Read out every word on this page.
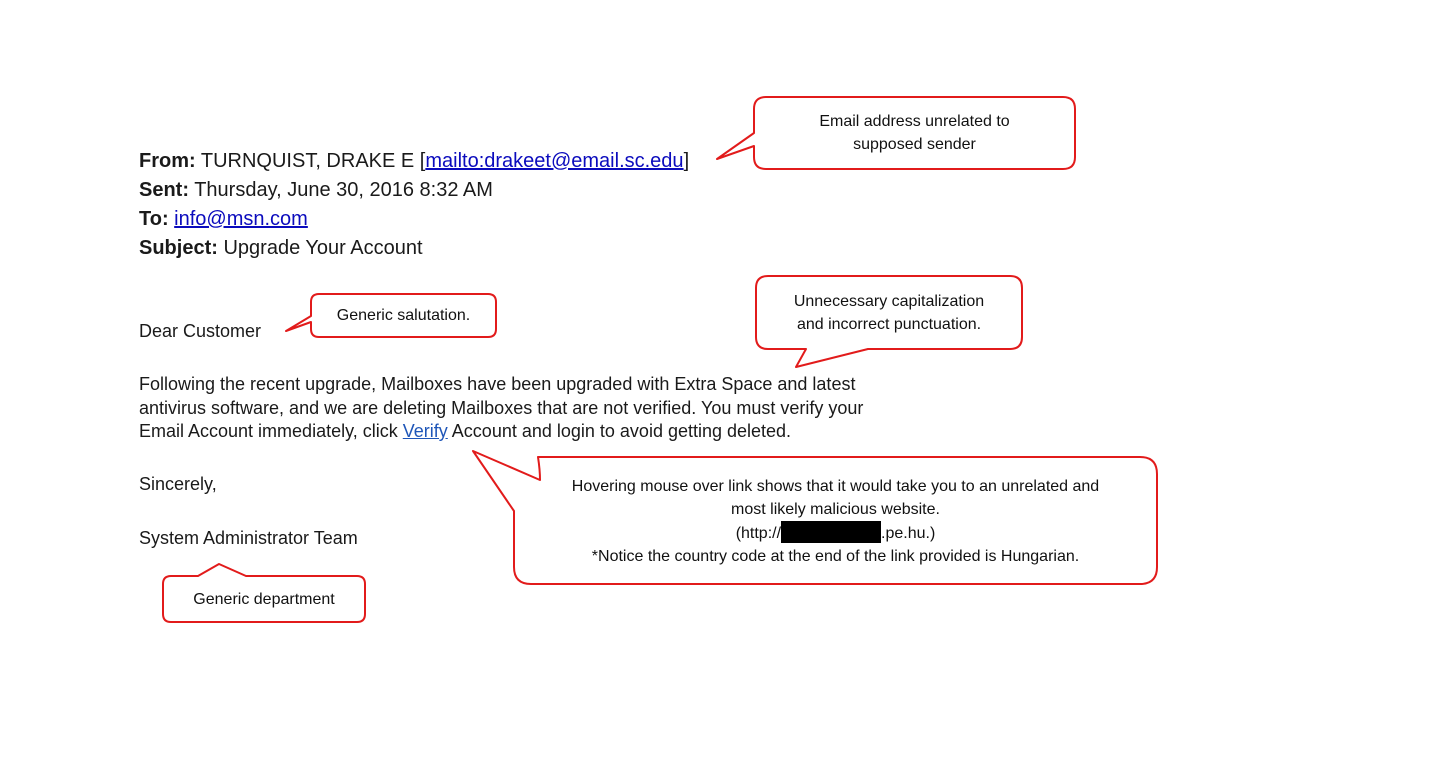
From: TURNQUIST, DRAKE E [mailto:drakeet@email.sc.edu]
Sent: Thursday, June 30, 2016 8:32 AM
To: info@msn.com
Subject: Upgrade Your Account
Dear Customer
Following the recent upgrade, Mailboxes have been upgraded with Extra Space and latest
antivirus software, and we are deleting Mailboxes that are not verified. You must verify your
Email Account immediately, click Verify Account and login to avoid getting deleted.
Sincerely,
System Administrator Team
Email address unrelated to
supposed sender
Generic salutation.
Unnecessary capitalization
and incorrect punctuation.
Hovering mouse over link shows that it would take you to an unrelated and
most likely malicious website.
(http://	.pe.hu.)
*Notice the country code at the end of the link provided is Hungarian.
Generic department
